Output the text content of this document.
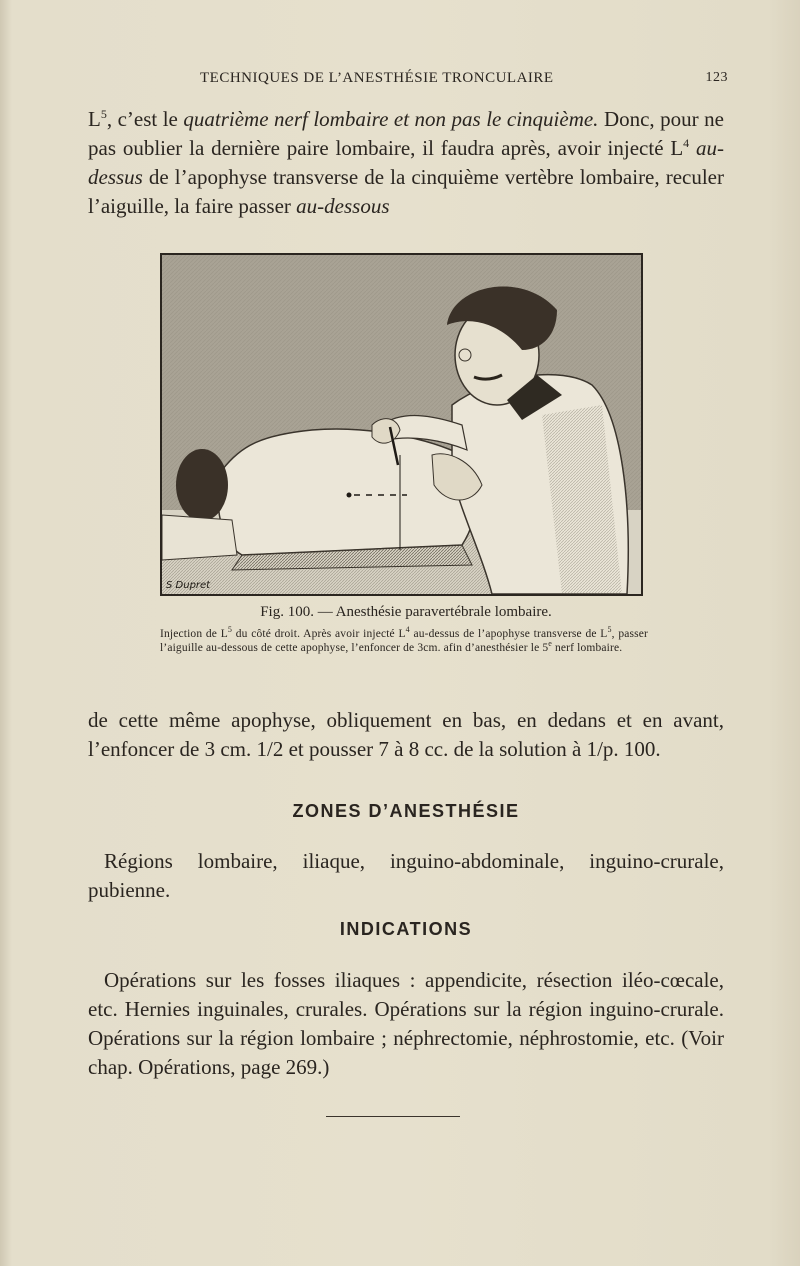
TECHNIQUES DE L’ANESTHÉSIE TRONCULAIRE	123

$L^5$, c’est le quatrième nerf lombaire et non pas le cinquième. Donc, pour ne pas oublier la dernière paire lombaire, il faudra après, avoir injecté $L^4$ au-dessus de l’apophyse transverse de la cinquième vertèbre lombaire, reculer l’aiguille, la faire passer au-dessous

S Dupret
Fig. 100. — Anesthésie paravertébrale lombaire.

Injection de $L^5$ du côté droit. Après avoir injecté $L^4$ au-dessus de l’apophyse transverse de $L^5$, passer l’aiguille au-dessous de cette apophyse, l’enfoncer de 3cm. afin d’anesthésier le 5e nerf lombaire.

de cette même apophyse, obliquement en bas, en dedans et en avant, l’enfoncer de 3 cm. 1/2 et pousser 7 à 8 cc. de la solution à 1/p. 100.

ZONES D’ANESTHÉSIE

Régions lombaire, iliaque, inguino-abdominale, inguino-crurale, pubienne.

INDICATIONS

Opérations sur les fosses iliaques : appendicite, résection iléo-cœcale, etc. Hernies inguinales, crurales. Opérations sur la région inguino-crurale. Opérations sur la région lombaire ; néphrectomie, néphrostomie, etc. (Voir chap. Opérations, page 269.)
